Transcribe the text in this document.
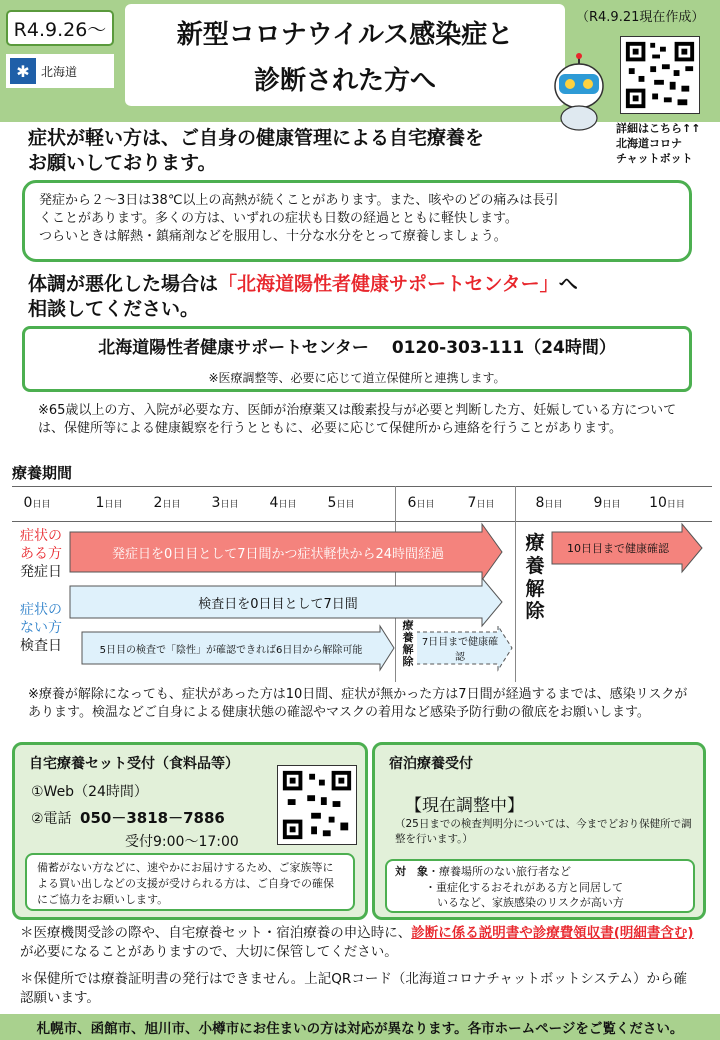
R4.9.26～
✱ 北海道
新型コロナウイルス感染症と
診断された方へ
（R4.9.21現在作成）
詳細はこちら↑↑
北海道コロナ
チャットボット
症状が軽い方は、ご自身の健康管理による自宅療養を
お願いしております。
発症から２～3日は38℃以上の高熱が続くことがあります。また、咳やのどの痛みは長引
くことがあります。多くの方は、いずれの症状も日数の経過とともに軽快します。
つらいときは解熱・鎮痛剤などを服用し、十分な水分をとって療養しましょう。
体調が悪化した場合は「北海道陽性者健康サポートセンター」へ
相談してください。
北海道陽性者健康サポートセンター　 0120-303-111（24時間）
※医療調整等、必要に応じて道立保健所と連携します。
※65歳以上の方、入院が必要な方、医師が治療薬又は酸素投与が必要と判断した方、妊娠している方については、保健所等による健康観察を行うとともに、必要に応じて保健所から連絡を行うことがあります。
療養期間
0日目	1日目	2日目	3日目	4日目	5日目	6日目	7日目	8日目	9日目	10日目
症状の
ある方
発症日
症状の
ない方
検査日
発症日を0日目として7日間かつ症状軽快から24時間経過	10日目まで健康確認
療養解除
検査日を0日目として7日間
5日目の検査で「陰性」が確認できれば6日目から解除可能
療養解除
7日目まで健康確認
※療養が解除になっても、症状があった方は10日間、症状が無かった方は7日間が経過するまでは、感染リスクがあります。検温などご自身による健康状態の確認やマスクの着用など感染予防行動の徹底をお願いします。
自宅療養セット受付（食料品等）
①Web（24時間）
②電話 050－3818－7886
受付9:00～17:00
備蓄がない方などに、速やかにお届けするため、ご家族等による買い出しなどの支援が受けられる方は、ご自身での確保にご協力をお願いします。
宿泊療養受付
【現在調整中】
（25日までの検査判明分については、今までどおり保健所で調整を行います。）
対　象・療養場所のない旅行者など
・重症化するおそれがある方と同居して
いるなど、家族感染のリスクが高い方
＊医療機関受診の際や、自宅療養セット・宿泊療養の申込時に、診断に係る説明書や診療費領収書(明細書含む)が必要になることがありますので、大切に保管してください。
＊保健所では療養証明書の発行はできません。上記QRコード（北海道コロナチャットボットシステム）から確認願います。
札幌市、函館市、旭川市、小樽市にお住まいの方は対応が異なります。各市ホームページをご覧ください。
